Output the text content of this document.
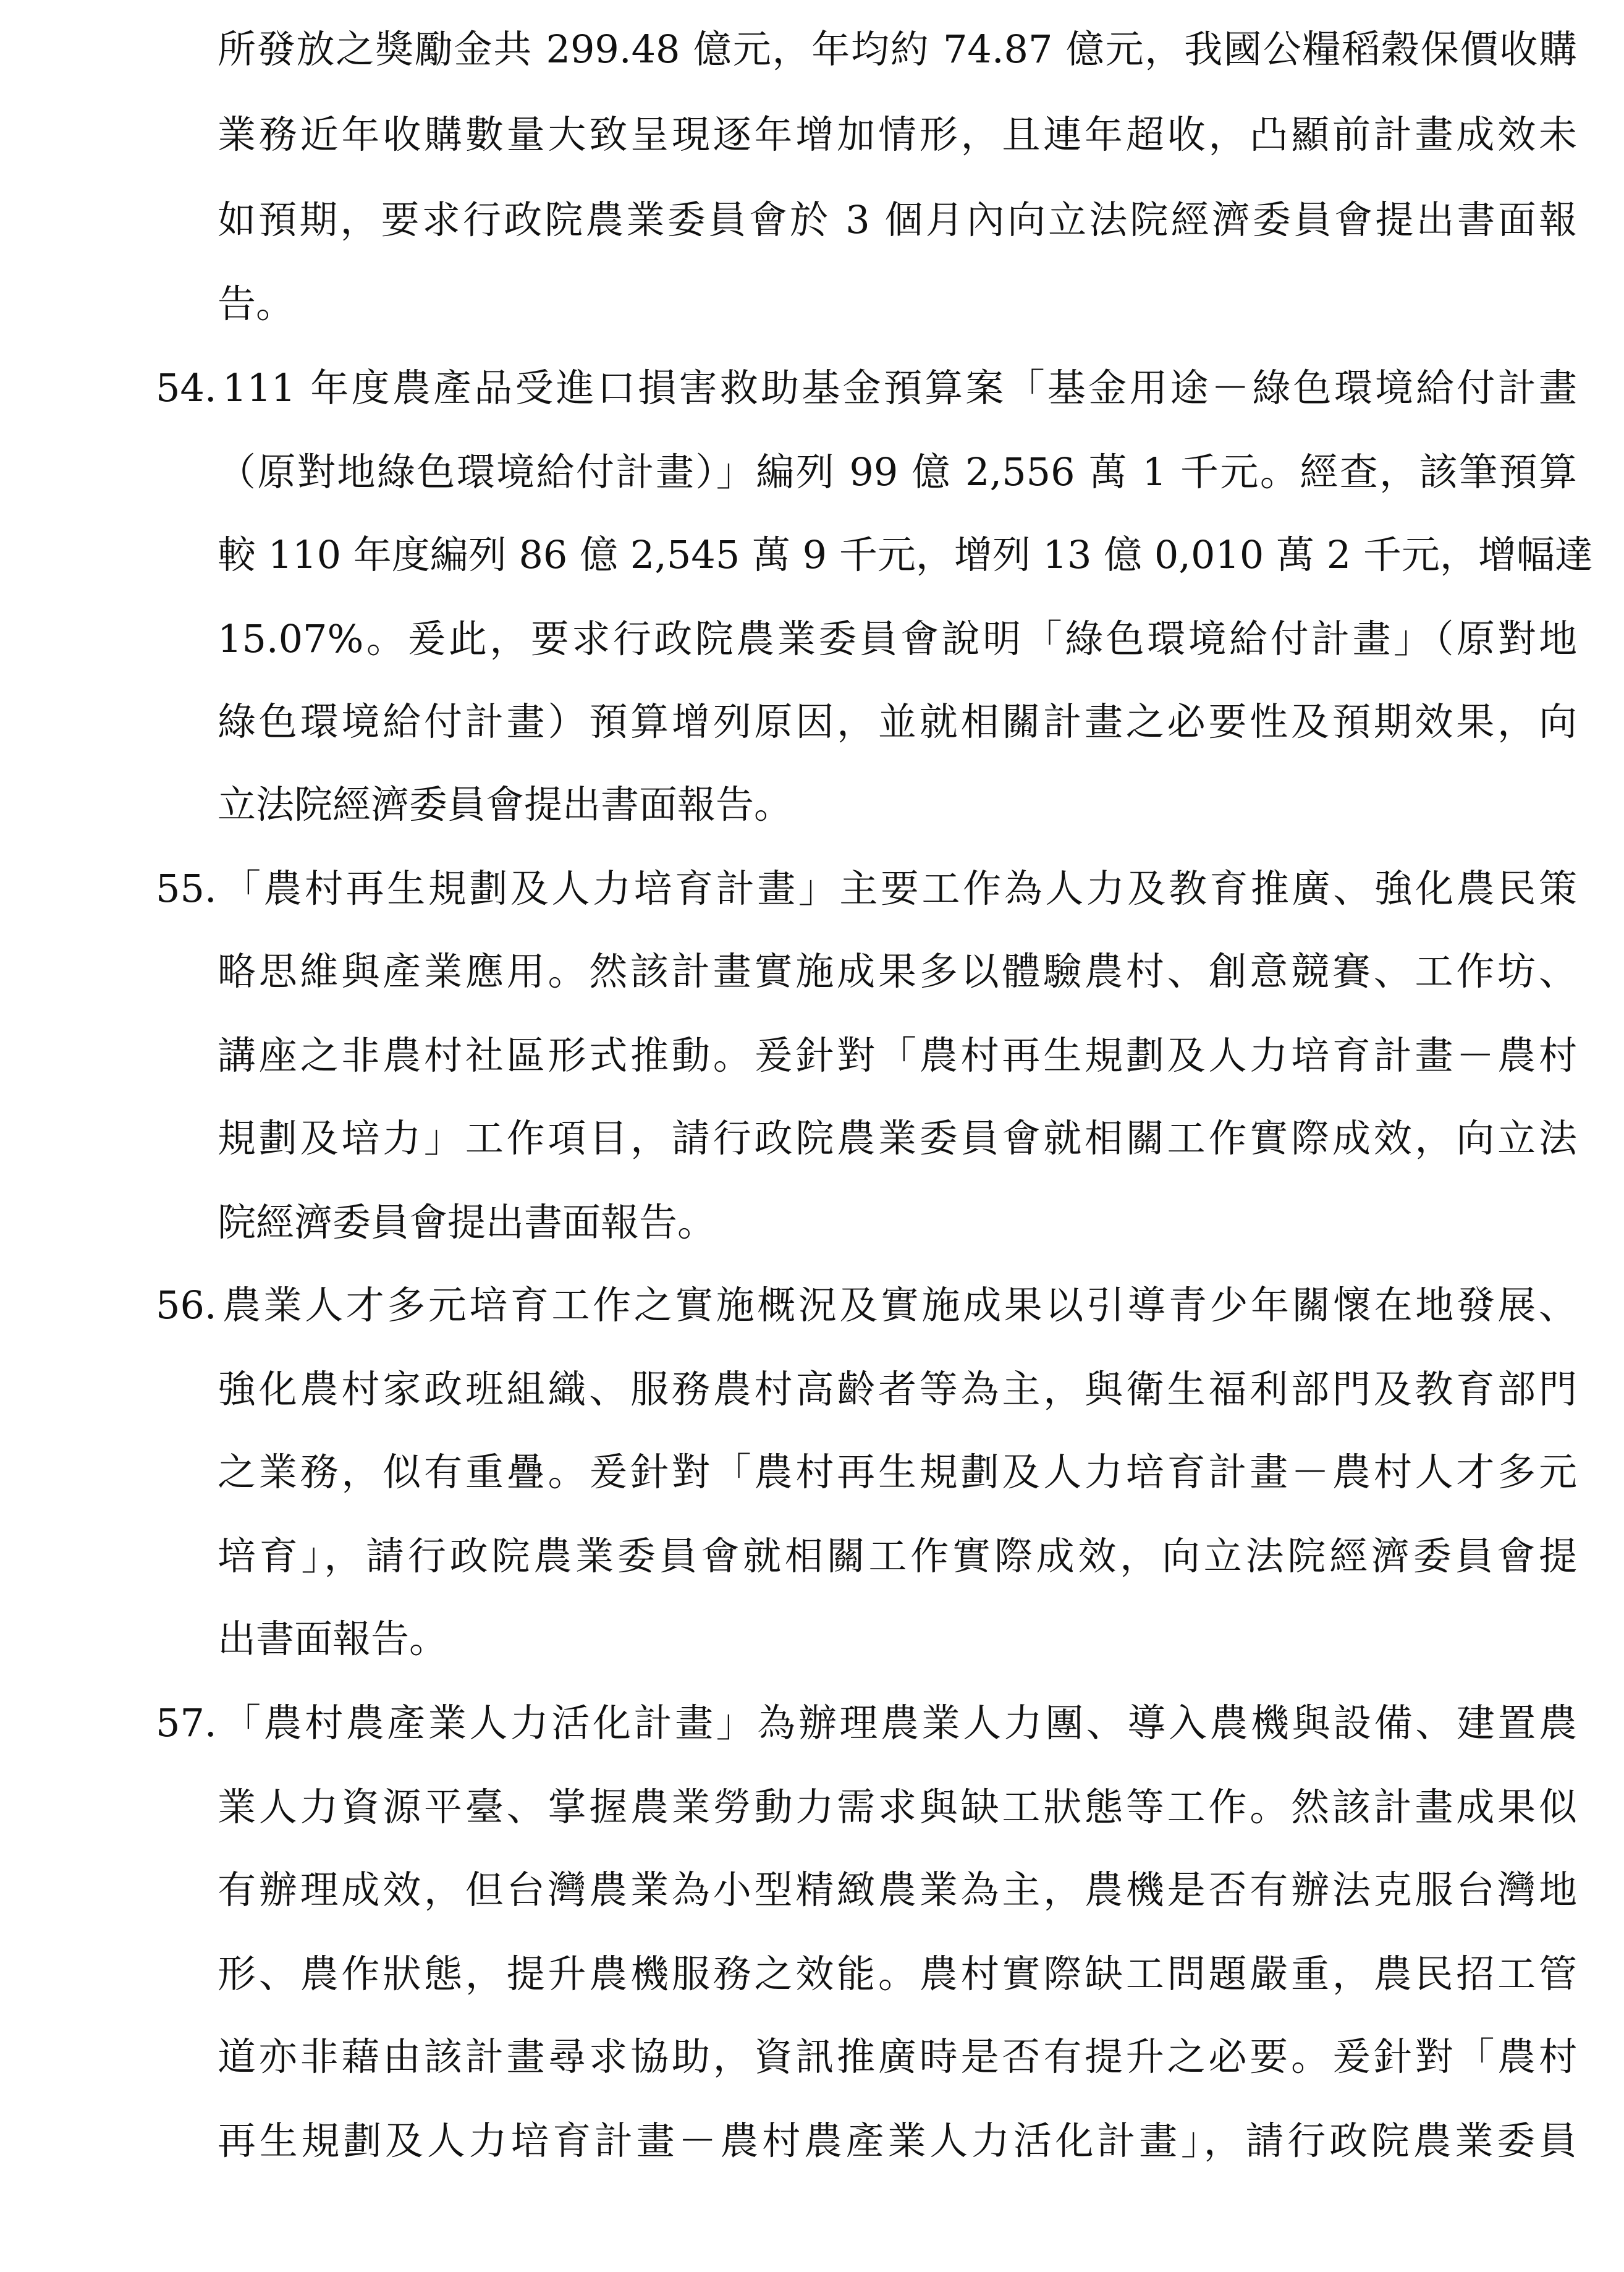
所發放之獎勵金共 299.48 億元，年均約 74.87 億元，我國公糧稻穀保價收購
業務近年收購數量大致呈現逐年增加情形，且連年超收，凸顯前計畫成效未
如預期，要求行政院農業委員會於 3 個月內向立法院經濟委員會提出書面報
告。
54. 111 年度農產品受進口損害救助基金預算案「基金用途－綠色環境給付計畫
（原對地綠色環境給付計畫）」編列 99 億 2,556 萬 1 千元。經查，該筆預算
較 110 年度編列 86 億 2,545 萬 9 千元，增列 13 億 0,010 萬 2 千元，增幅達
15.07%。爰此，要求行政院農業委員會說明「綠色環境給付計畫」（原對地
綠色環境給付計畫）預算增列原因，並就相關計畫之必要性及預期效果，向
立法院經濟委員會提出書面報告。
55. 「農村再生規劃及人力培育計畫」主要工作為人力及教育推廣、強化農民策
略思維與產業應用。然該計畫實施成果多以體驗農村、創意競賽、工作坊、
講座之非農村社區形式推動。爰針對「農村再生規劃及人力培育計畫－農村
規劃及培力」工作項目，請行政院農業委員會就相關工作實際成效，向立法
院經濟委員會提出書面報告。
56. 農業人才多元培育工作之實施概況及實施成果以引導青少年關懷在地發展、
強化農村家政班組織、服務農村高齡者等為主，與衛生福利部門及教育部門
之業務，似有重疊。爰針對「農村再生規劃及人力培育計畫－農村人才多元
培育」，請行政院農業委員會就相關工作實際成效，向立法院經濟委員會提
出書面報告。
57. 「農村農產業人力活化計畫」為辦理農業人力團、導入農機與設備、建置農
業人力資源平臺、掌握農業勞動力需求與缺工狀態等工作。然該計畫成果似
有辦理成效，但台灣農業為小型精緻農業為主，農機是否有辦法克服台灣地
形、農作狀態，提升農機服務之效能。農村實際缺工問題嚴重，農民招工管
道亦非藉由該計畫尋求協助，資訊推廣時是否有提升之必要。爰針對「農村
再生規劃及人力培育計畫－農村農產業人力活化計畫」，請行政院農業委員
